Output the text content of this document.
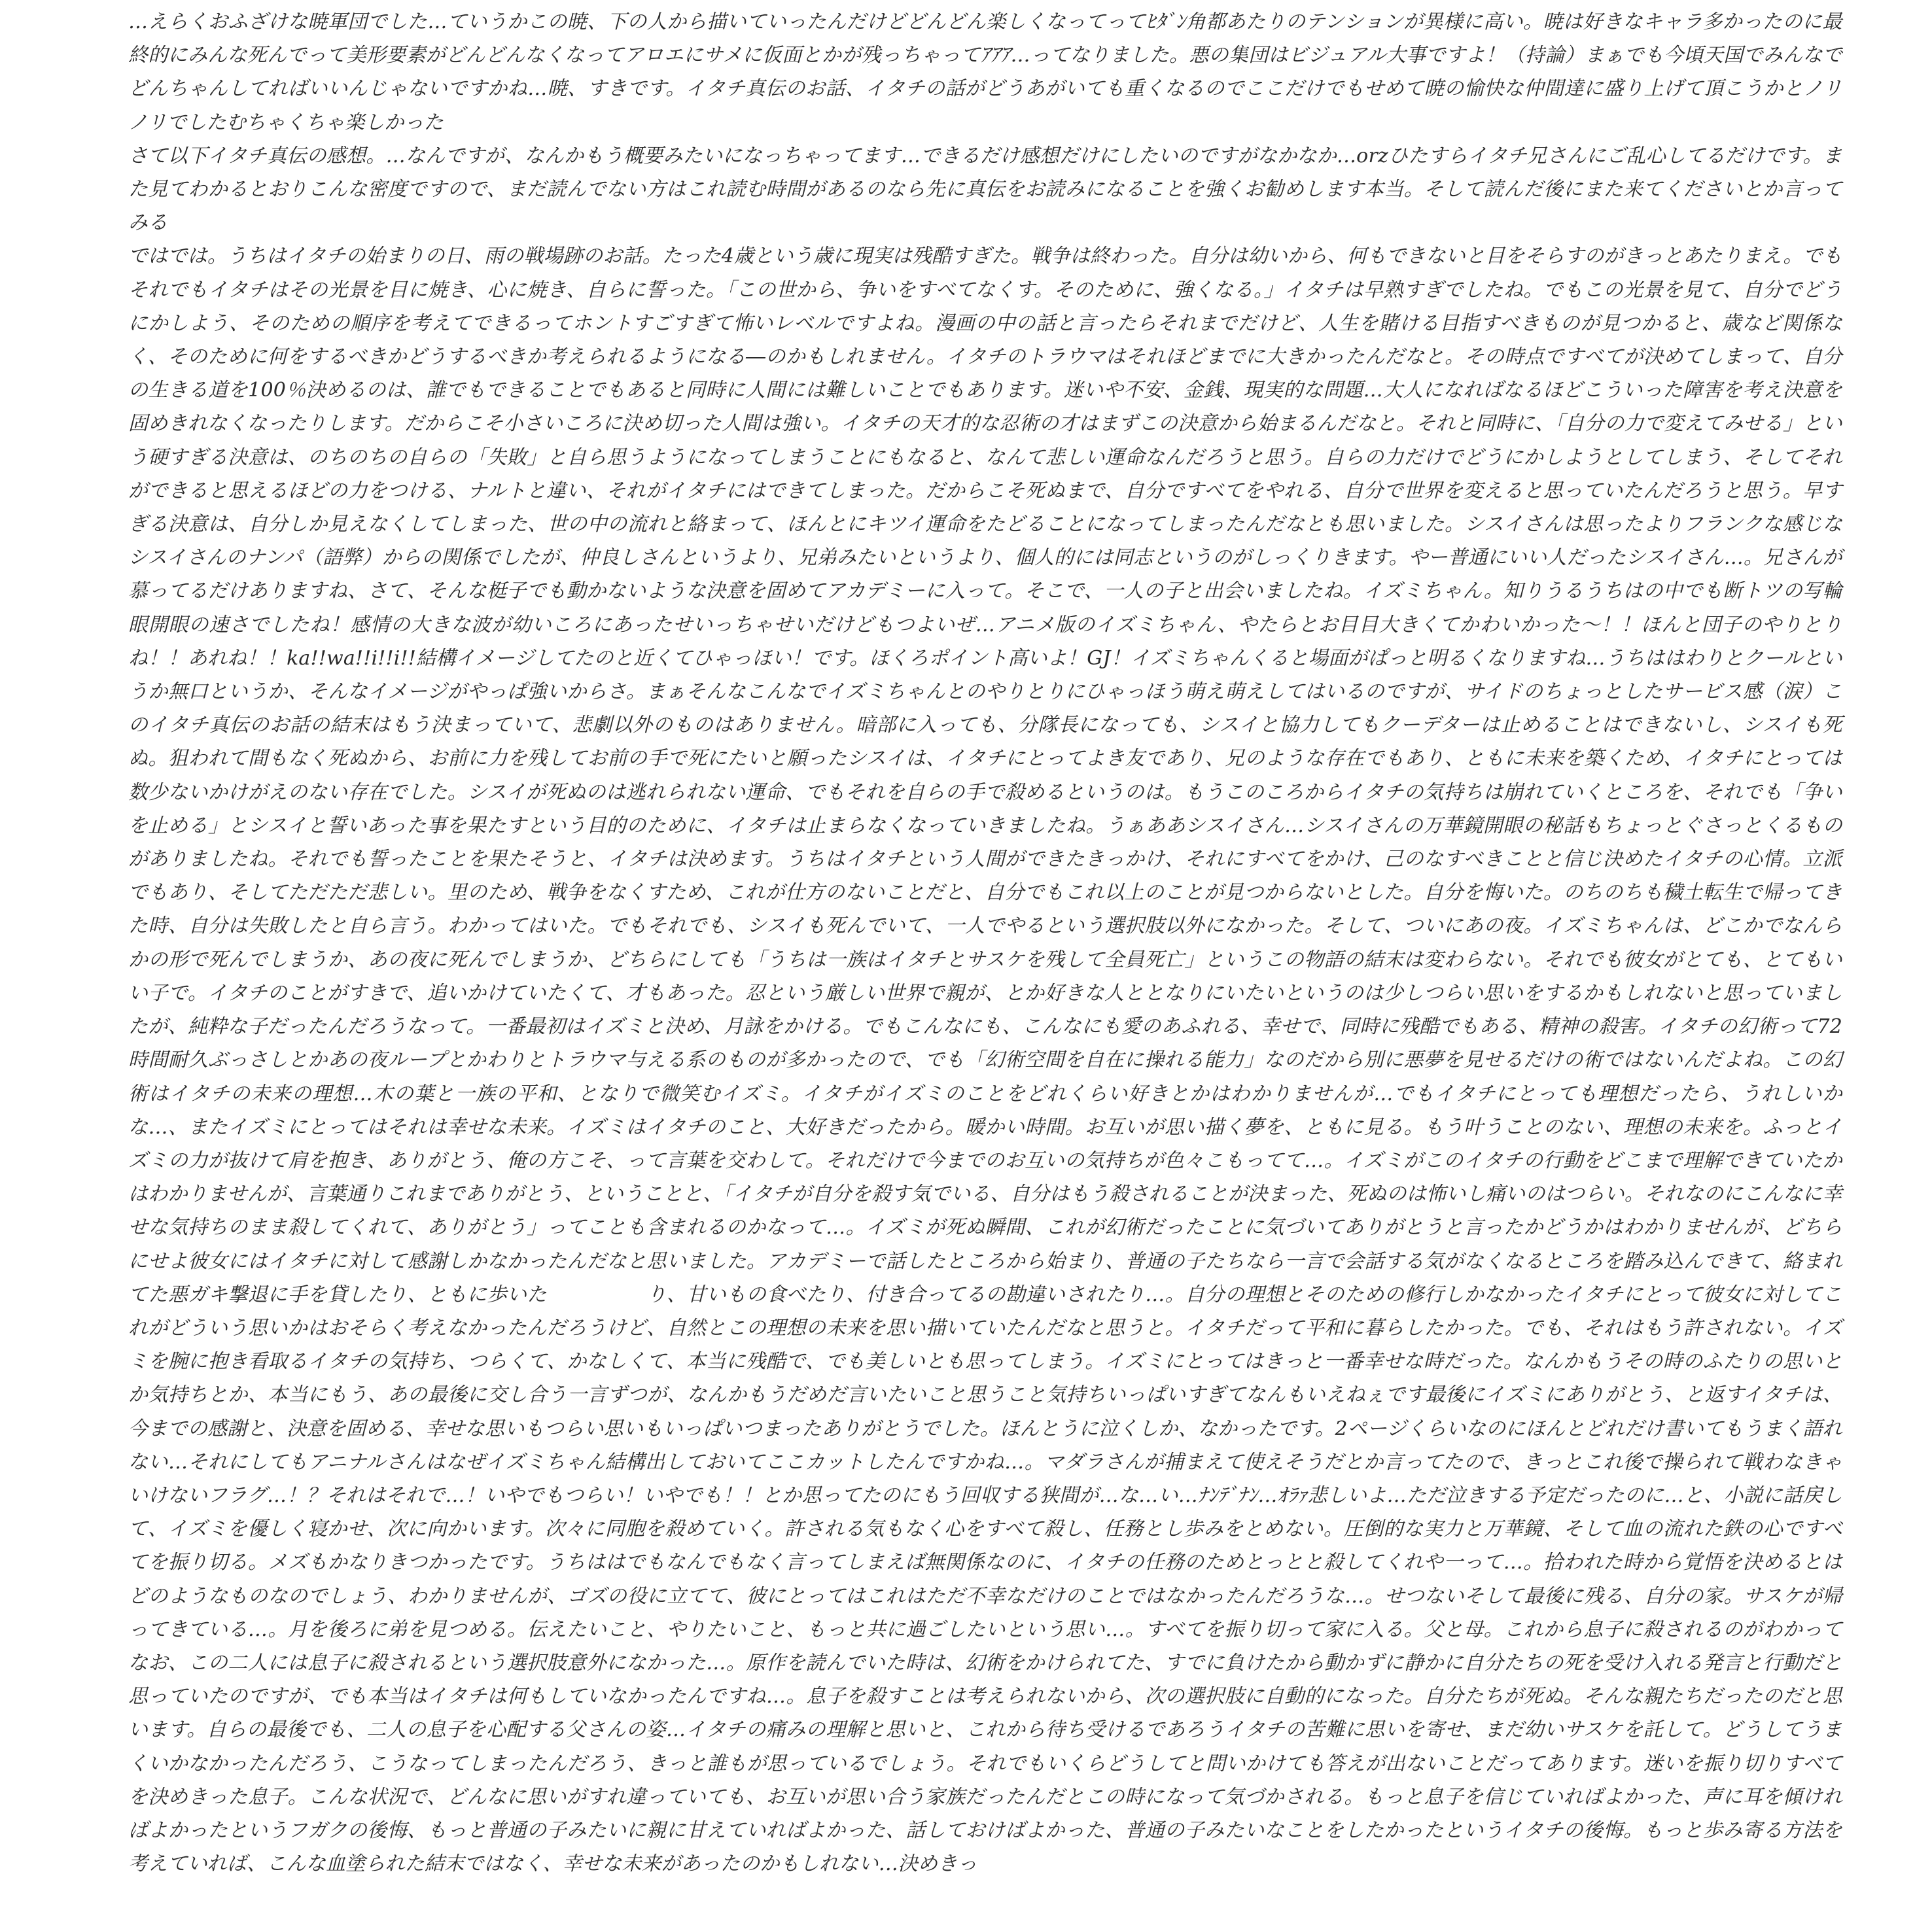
…えらくおふざけな暁軍団でした…ていうかこの暁、下の人から描いていったんだけどどんどん楽しくなってってﾋﾀﾞﾝ角都あたりのテンションが異様に高い。暁は好きなキャラ多かったのに最終的にみんな死んでって美形要素がどんどんなくなってアロエにサメに仮面とかが残っちゃってｱｱｱ…ってなりました。悪の集団はビジュアル大事ですよ！（持論）まぁでも今頃天国でみんなでどんちゃんしてればいいんじゃないですかね…暁、すきです。イタチ真伝のお話、イタチの話がどうあがいても重くなるのでここだけでもせめて暁の愉快な仲間達に盛り上げて頂こうかとノリノリでしたむちゃくちゃ楽しかった

さて以下イタチ真伝の感想。…なんですが、なんかもう概要みたいになっちゃってます…できるだけ感想だけにしたいのですがなかなか…orzひたすらイタチ兄さんにご乱心してるだけです。また見てわかるとおりこんな密度ですので、まだ読んでない方はこれ読む時間があるのなら先に真伝をお読みになることを強くお勧めします本当。そして読んだ後にまた来てくださいとか言ってみる

ではでは。うちはイタチの始まりの日、雨の戦場跡のお話。たった4歳という歳に現実は残酷すぎた。戦争は終わった。自分は幼いから、何もできないと目をそらすのがきっとあたりまえ。でもそれでもイタチはその光景を目に焼き、心に焼き、自らに誓った。「この世から、争いをすべてなくす。そのために、強くなる。」イタチは早熟すぎでしたね。でもこの光景を見て、自分でどうにかしよう、そのための順序を考えてできるってホントすごすぎて怖いレベルですよね。漫画の中の話と言ったらそれまでだけど、人生を賭ける目指すべきものが見つかると、歳など関係なく、そのために何をするべきかどうするべきか考えられるようになる―のかもしれません。イタチのトラウマはそれほどまでに大きかったんだなと。その時点ですべてが決めてしまって、自分の生きる道を100％決めるのは、誰でもできることでもあると同時に人間には難しいことでもあります。迷いや不安、金銭、現実的な問題…大人になればなるほどこういった障害を考え決意を固めきれなくなったりします。だからこそ小さいころに決め切った人間は強い。イタチの天才的な忍術の才はまずこの決意から始まるんだなと。それと同時に、「自分の力で変えてみせる」という硬すぎる決意は、のちのちの自らの「失敗」と自ら思うようになってしまうことにもなると、なんて悲しい運命なんだろうと思う。自らの力だけでどうにかしようとしてしまう、そしてそれができると思えるほどの力をつける、ナルトと違い、それがイタチにはできてしまった。だからこそ死ぬまで、自分ですべてをやれる、自分で世界を変えると思っていたんだろうと思う。早すぎる決意は、自分しか見えなくしてしまった、世の中の流れと絡まって、ほんとにキツイ運命をたどることになってしまったんだなとも思いました。シスイさんは思ったよりフランクな感じなシスイさんのナンパ（語弊）からの関係でしたが、仲良しさんというより、兄弟みたいというより、個人的には同志というのがしっくりきます。やー普通にいい人だったシスイさん…。兄さんが慕ってるだけありますね、さて、そんな梃子でも動かないような決意を固めてアカデミーに入って。そこで、一人の子と出会いましたね。イズミちゃん。知りうるうちはの中でも断トツの写輪眼開眼の速さでしたね！感情の大きな波が幼いころにあったせいっちゃせいだけどもつよいぜ…アニメ版のイズミちゃん、やたらとお目目大きくてかわいかった～！！ほんと団子のやりとりね！！あれね！！ka!!wa!!i!!i!!結構イメージしてたのと近くてひゃっほい！です。ほくろポイント高いよ！GJ！イズミちゃんくると場面がぱっと明るくなりますね…うちははわりとクールというか無口というか、そんなイメージがやっぱ強いからさ。まぁそんなこんなでイズミちゃんとのやりとりにひゃっほう萌え萌えしてはいるのですが、サイドのちょっとしたサービス感（涙）このイタチ真伝のお話の結末はもう決まっていて、悲劇以外のものはありません。暗部に入っても、分隊長になっても、シスイと協力してもクーデターは止めることはできないし、シスイも死ぬ。狙われて間もなく死ぬから、お前に力を残してお前の手で死にたいと願ったシスイは、イタチにとってよき友であり、兄のような存在でもあり、ともに未来を築くため、イタチにとっては数少ないかけがえのない存在でした。シスイが死ぬのは逃れられない運命、でもそれを自らの手で殺めるというのは。もうこのころからイタチの気持ちは崩れていくところを、それでも「争いを止める」とシスイと誓いあった事を果たすという目的のために、イタチは止まらなくなっていきましたね。うぁああシスイさん…シスイさんの万華鏡開眼の秘話もちょっとぐさっとくるものがありましたね。それでも誓ったことを果たそうと、イタチは決めます。うちはイタチという人間ができたきっかけ、それにすべてをかけ、己のなすべきことと信じ決めたイタチの心情。立派でもあり、そしてただただ悲しい。里のため、戦争をなくすため、これが仕方のないことだと、自分でもこれ以上のことが見つからないとした。自分を悔いた。のちのちも穢土転生で帰ってきた時、自分は失敗したと自ら言う。わかってはいた。でもそれでも、シスイも死んでいて、一人でやるという選択肢以外になかった。そして、ついにあの夜。イズミちゃんは、どこかでなんらかの形で死んでしまうか、あの夜に死んでしまうか、どちらにしても「うちは一族はイタチとサスケを残して全員死亡」というこの物語の結末は変わらない。それでも彼女がとても、とてもいい子で。イタチのことがすきで、追いかけていたくて、才もあった。忍という厳しい世界で親が、とか好きな人ととなりにいたいというのは少しつらい思いをするかもしれないと思っていましたが、純粋な子だったんだろうなって。一番最初はイズミと決め、月詠をかける。でもこんなにも、こんなにも愛のあふれる、幸せで、同時に残酷でもある、精神の殺害。イタチの幻術って72時間耐久ぶっさしとかあの夜ループとかわりとトラウマ与える系のものが多かったので、でも「幻術空間を自在に操れる能力」なのだから別に悪夢を見せるだけの術ではないんだよね。この幻術はイタチの未来の理想…木の葉と一族の平和、となりで微笑むイズミ。イタチがイズミのことをどれくらい好きとかはわかりませんが…でもイタチにとっても理想だったら、うれしいかな…、またイズミにとってはそれは幸せな未来。イズミはイタチのこと、大好きだったから。暖かい時間。お互いが思い描く夢を、ともに見る。もう叶うことのない、理想の未来を。ふっとイズミの力が抜けて肩を抱き、ありがとう、俺の方こそ、って言葉を交わして。それだけで今までのお互いの気持ちが色々こもってて…。イズミがこのイタチの行動をどこまで理解できていたかはわかりませんが、言葉通りこれまでありがとう、ということと、「イタチが自分を殺す気でいる、自分はもう殺されることが決まった、死ぬのは怖いし痛いのはつらい。それなのにこんなに幸せな気持ちのまま殺してくれて、ありがとう」ってことも含まれるのかなって…。イズミが死ぬ瞬間、これが幻術だったことに気づいてありがとうと言ったかどうかはわかりませんが、どちらにせよ彼女にはイタチに対して感謝しかなかったんだなと思いました。アカデミーで話したところから始まり、普通の子たちなら一言で会話する気がなくなるところを踏み込んできて、絡まれてた悪ガキ撃退に手を貸したり、ともに歩いた　　　　　り、甘いもの食べたり、付き合ってるの勘違いされたり…。自分の理想とそのための修行しかなかったイタチにとって彼女に対してこれがどういう思いかはおそらく考えなかったんだろうけど、自然とこの理想の未来を思い描いていたんだなと思うと。イタチだって平和に暮らしたかった。でも、それはもう許されない。イズミを腕に抱き看取るイタチの気持ち、つらくて、かなしくて、本当に残酷で、でも美しいとも思ってしまう。イズミにとってはきっと一番幸せな時だった。なんかもうその時のふたりの思いとか気持ちとか、本当にもう、あの最後に交し合う一言ずつが、なんかもうだめだ言いたいこと思うこと気持ちいっぱいすぎてなんもいえねぇです最後にイズミにありがとう、と返すイタチは、今までの感謝と、決意を固める、幸せな思いもつらい思いもいっぱいつまったありがとうでした。ほんとうに泣くしか、なかったです。2ページくらいなのにほんとどれだけ書いてもうまく語れない…それにしてもアニナルさんはなぜイズミちゃん結構出しておいてここカットしたんですかね…。マダラさんが捕まえて使えそうだとか言ってたので、きっとこれ後で操られて戦わなきゃいけないフラグ…！？それはそれで…！いやでもつらい！いやでも！！とか思ってたのにもう回収する狭間が…な…い…ﾅﾝﾃﾞﾅﾝ…ｵﾗｧ悲しいよ…ただ泣きする予定だったのに…と、小説に話戻して、イズミを優しく寝かせ、次に向かいます。次々に同胞を殺めていく。許される気もなく心をすべて殺し、任務とし歩みをとめない。圧倒的な実力と万華鏡、そして血の流れた鉄の心ですべてを振り切る。メズもかなりきつかったです。うちははでもなんでもなく言ってしまえば無関係なのに、イタチの任務のためとっとと殺してくれや一って…。拾われた時から覚悟を決めるとはどのようなものなのでしょう、わかりませんが、ゴズの役に立てて、彼にとってはこれはただ不幸なだけのことではなかったんだろうな…。せつないそして最後に残る、自分の家。サスケが帰ってきている…。月を後ろに弟を見つめる。伝えたいこと、やりたいこと、もっと共に過ごしたいという思い…。すべてを振り切って家に入る。父と母。これから息子に殺されるのがわかってなお、この二人には息子に殺されるという選択肢意外になかった…。原作を読んでいた時は、幻術をかけられてた、すでに負けたから動かずに静かに自分たちの死を受け入れる発言と行動だと思っていたのですが、でも本当はイタチは何もしていなかったんですね…。息子を殺すことは考えられないから、次の選択肢に自動的になった。自分たちが死ぬ。そんな親たちだったのだと思います。自らの最後でも、二人の息子を心配する父さんの姿…イタチの痛みの理解と思いと、これから待ち受けるであろうイタチの苦難に思いを寄せ、まだ幼いサスケを託して。どうしてうまくいかなかったんだろう、こうなってしまったんだろう、きっと誰もが思っているでしょう。それでもいくらどうしてと問いかけても答えが出ないことだってあります。迷いを振り切りすべてを決めきった息子。こんな状況で、どんなに思いがすれ違っていても、お互いが思い合う家族だったんだとこの時になって気づかされる。もっと息子を信じていればよかった、声に耳を傾ければよかったというフガクの後悔、もっと普通の子みたいに親に甘えていればよかった、話しておけばよかった、普通の子みたいなことをしたかったというイタチの後悔。もっと歩み寄る方法を考えていれば、こんな血塗られた結末ではなく、幸せな未来があったのかもしれない…決めきっ
